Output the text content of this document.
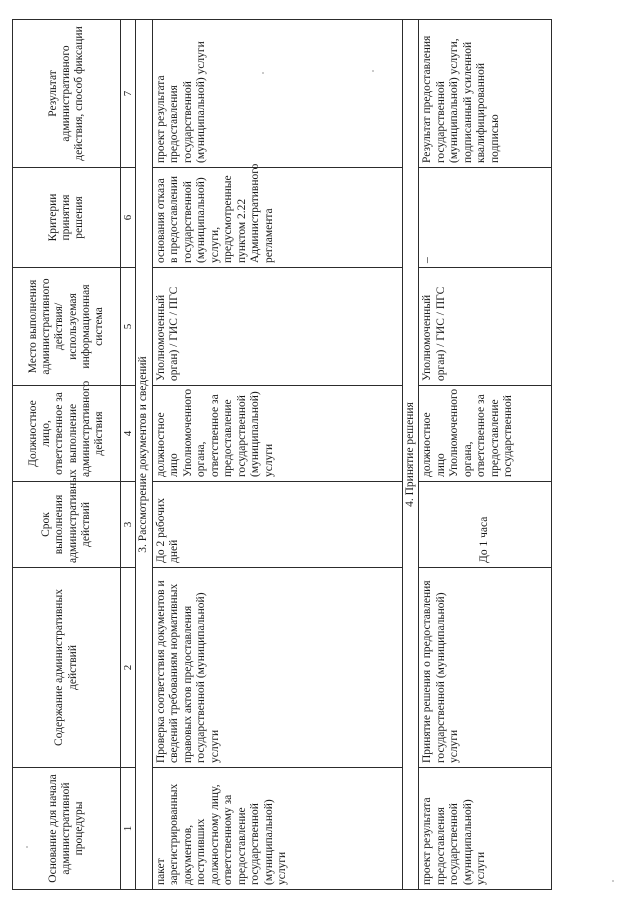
Основание для начала административной процедуры	Содержание административных действий	Срок выполнения административных действий	Должностное лицо, ответственное за выполнение административного действия	Место выполнения административного действия/ используемая информационная система	Критерии принятия решения	Результат административного действия, способ фиксации
1	2	3	4	5	6	7
3. Рассмотрение документов и сведений						
пакет зарегистрированных документов, поступивших должностному лицу, ответственному за предоставление государственной (муниципальной) услуги	Проверка соответствия документов и сведений требованиям нормативных правовых актов предоставления государственной (муниципальной) услуги	До 2 рабочих дней	должностное лицо Уполномоченного органа, ответственное за предоставление государственной (муниципальной) услуги	Уполномоченный орган) / ГИС / ПГС	основания отказа в предоставлении государственной (муниципальной) услуги, предусмотренные пунктом 2.22 Административного регламента	проект результата предоставления государственной (муниципальной) услуги
4. Принятие решения						
проект результата предоставления государственной (муниципальной) услуги	Принятие решения о предоставления государственной (муниципальной) услуги	До 1 часа	должностное лицо Уполномоченного органа, ответственное за предоставление государственной	Уполномоченный орган) / ГИС / ПГС	–	Результат предоставления государственной (муниципальной) услуги, подписанный усиленной квалифицированной подписью
